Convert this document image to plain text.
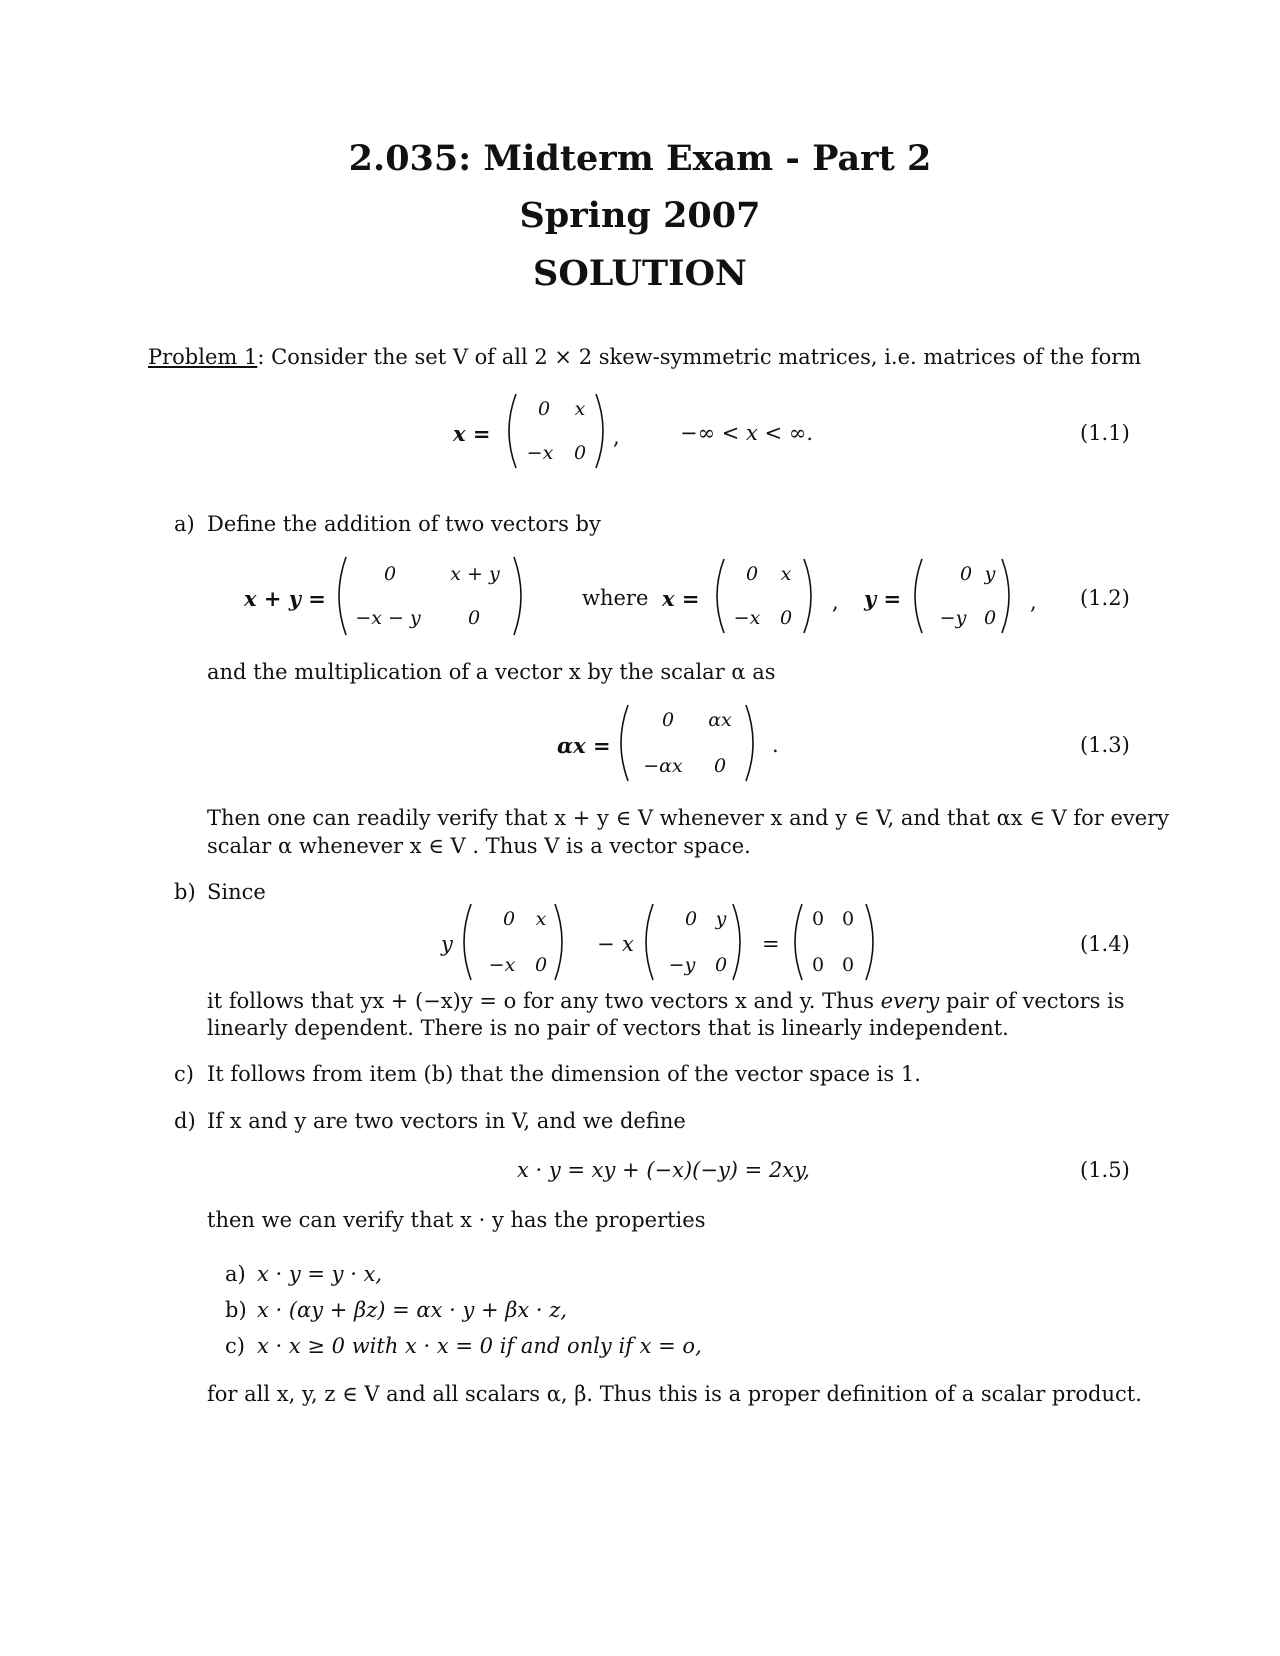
2.035: Midterm Exam - Part 2
Spring 2007
SOLUTION
Problem 1: Consider the set V of all 2 × 2 skew-symmetric matrices, i.e. matrices of the form
x =
0 x
−x 0
,	−∞ < x < ∞.	(1.1)
a) Define the addition of two vectors by
x + y =
0	x + y
−x − y	0
where x =
0 x
−x 0
, y =
0 y
−y 0
, (1.2)
and the multiplication of a vector x by the scalar α as
αx =
0	αx
−αx 0
.	(1.3)
Then one can readily verify that x + y ∈ V whenever x and y ∈ V, and that αx ∈ V for every
scalar α whenever x ∈ V . Thus V is a vector space.
b) Since
y
0 x
−x 0
− x
0 y
−y 0
=
0 0
0 0
(1.4)
it follows that yx + (−x)y = o for any two vectors x and y. Thus every pair of vectors is
linearly dependent. There is no pair of vectors that is linearly independent.
c) It follows from item (b) that the dimension of the vector space is 1.
d) If x and y are two vectors in V, and we define
x · y = xy + (−x)(−y) = 2xy,	(1.5)
then we can verify that x · y has the properties
a) x · y = y · x,
b) x · (αy + βz) = αx · y + βx · z,
c) x · x ≥ 0 with x · x = 0 if and only if x = o,
for all x, y, z ∈ V and all scalars α, β. Thus this is a proper definition of a scalar product.
